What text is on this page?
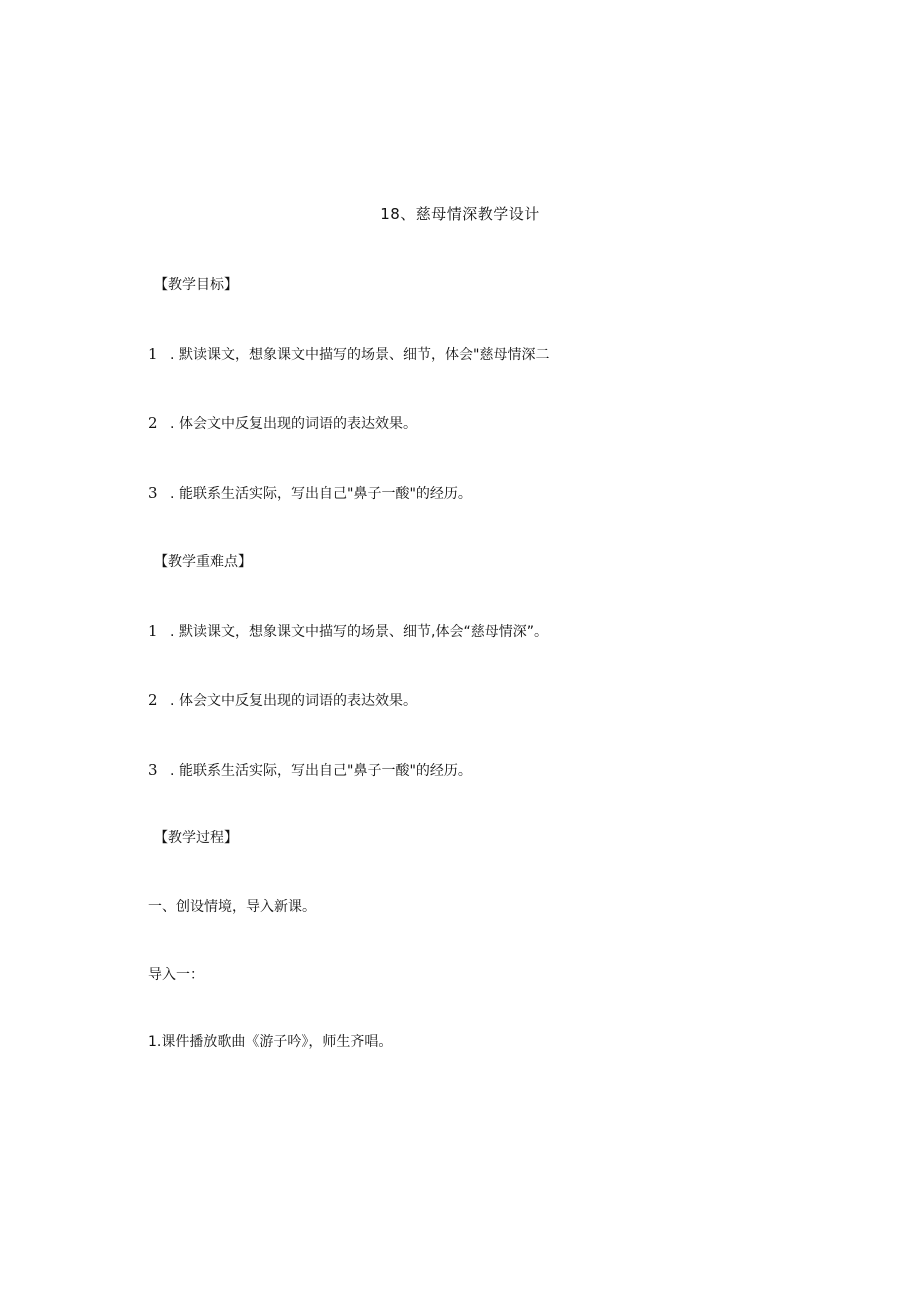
18、慈母情深教学设计
【教学目标】
1 . 默读课文，想象课文中描写的场景、细节，体会"慈母情深二
2 . 体会文中反复出现的词语的表达效果。
3 . 能联系生活实际，写出自己"鼻子一酸"的经历。
【教学重难点】
1 . 默读课文，想象课文中描写的场景、细节,体会“慈母情深”。
2 . 体会文中反复出现的词语的表达效果。
3 . 能联系生活实际，写出自己"鼻子一酸"的经历。
【教学过程】
一、创设情境，导入新课。
导入一：
1.课件播放歌曲《游子吟》，师生齐唱。
